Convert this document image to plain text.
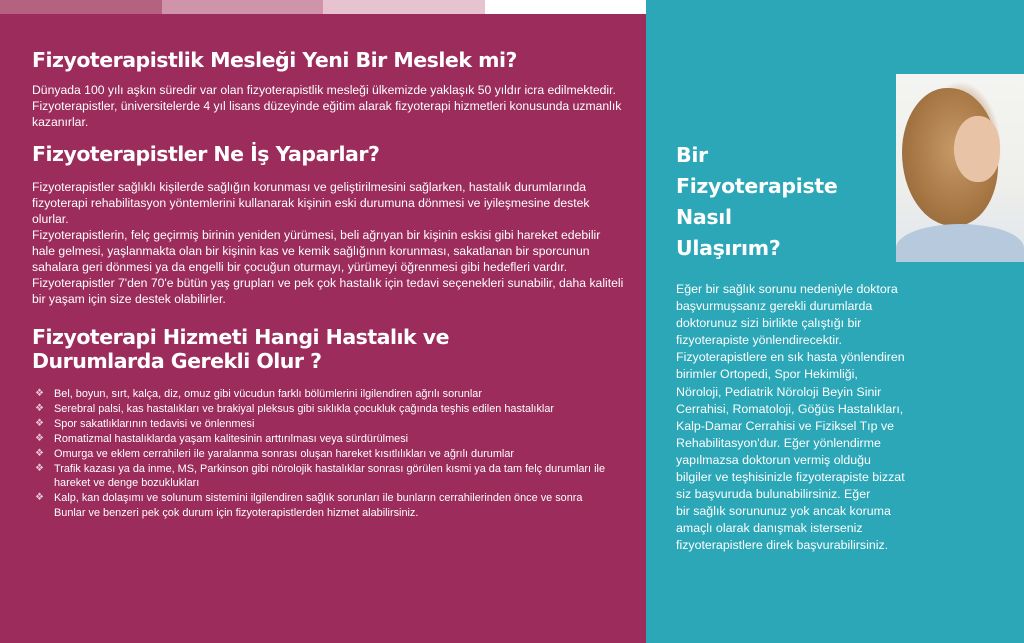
Fizyoterapistlik Mesleği Yeni Bir Meslek mi?

Dünyada 100 yılı aşkın süredir var olan fizyoterapistlik mesleği ülkemizde yaklaşık 50 yıldır icra edilmektedir. Fizyoterapistler, üniversitelerde 4 yıl lisans düzeyinde eğitim alarak fizyoterapi hizmetleri konusunda uzmanlık kazanırlar.

Fizyoterapistler Ne İş Yaparlar?

Fizyoterapistler sağlıklı kişilerde sağlığın korunması ve geliştirilmesini sağlarken, hastalık durumlarında fizyoterapi rehabilitasyon yöntemlerini kullanarak kişinin eski durumuna dönmesi ve iyileşmesine destek olurlar.

Fizyoterapistlerin, felç geçirmiş birinin yeniden yürümesi, beli ağrıyan bir kişinin eskisi gibi hareket edebilir hale gelmesi, yaşlanmakta olan bir kişinin kas ve kemik sağlığının korunması, sakatlanan bir sporcunun sahalara geri dönmesi ya da engelli bir çocuğun oturmayı, yürümeyi öğrenmesi gibi hedefleri vardır.

Fizyoterapistler 7'den 70'e bütün yaş grupları ve pek çok hastalık için tedavi seçenekleri sunabilir, daha kaliteli bir yaşam için size destek olabilirler.

Fizyoterapi Hizmeti Hangi Hastalık ve
Durumlarda Gerekli Olur ?
❖ Bel, boyun, sırt, kalça, diz, omuz gibi vücudun farklı bölümlerini ilgilendiren ağrılı sorunlar
❖ Serebral palsi, kas hastalıkları ve brakiyal pleksus gibi sıklıkla çocukluk çağında teşhis edilen hastalıklar
❖ Spor sakatlıklarının tedavisi ve önlenmesi
❖ Romatizmal hastalıklarda yaşam kalitesinin arttırılması veya sürdürülmesi
❖ Omurga ve eklem cerrahileri ile yaralanma sonrası oluşan hareket kısıtlılıkları ve ağrılı durumlar
❖ Trafik kazası ya da inme, MS, Parkinson gibi nörolojik hastalıklar sonrası görülen kısmi ya da tam felç durumları ile hareket ve denge bozuklukları
❖ Kalp, kan dolaşımı ve solunum sistemini ilgilendiren sağlık sorunları ile bunların cerrahilerinden önce ve sonra
Bunlar ve benzeri pek çok durum için fizyoterapistlerden hizmet alabilirsiniz.
Bir
Fizyoterapiste
Nasıl
Ulaşırım?

Eğer bir sağlık sorunu nedeniyle doktora
başvurmuşsanız gerekli durumlarda
doktorunuz sizi birlikte çalıştığı bir
fizyoterapiste yönlendirecektir.
Fizyoterapistlere en sık hasta yönlendiren
birimler Ortopedi, Spor Hekimliği,
Nöroloji, Pediatrik Nöroloji Beyin Sinir
Cerrahisi, Romatoloji, Göğüs Hastalıkları,
Kalp-Damar Cerrahisi ve Fiziksel Tıp ve
Rehabilitasyon'dur. Eğer yönlendirme
yapılmazsa doktorun vermiş olduğu
bilgiler ve teşhisinizle fizyoterapiste bizzat
siz başvuruda bulunabilirsiniz. Eğer
bir sağlık sorununuz yok ancak koruma
amaçlı olarak danışmak isterseniz
fizyoterapistlere direk başvurabilirsiniz.
